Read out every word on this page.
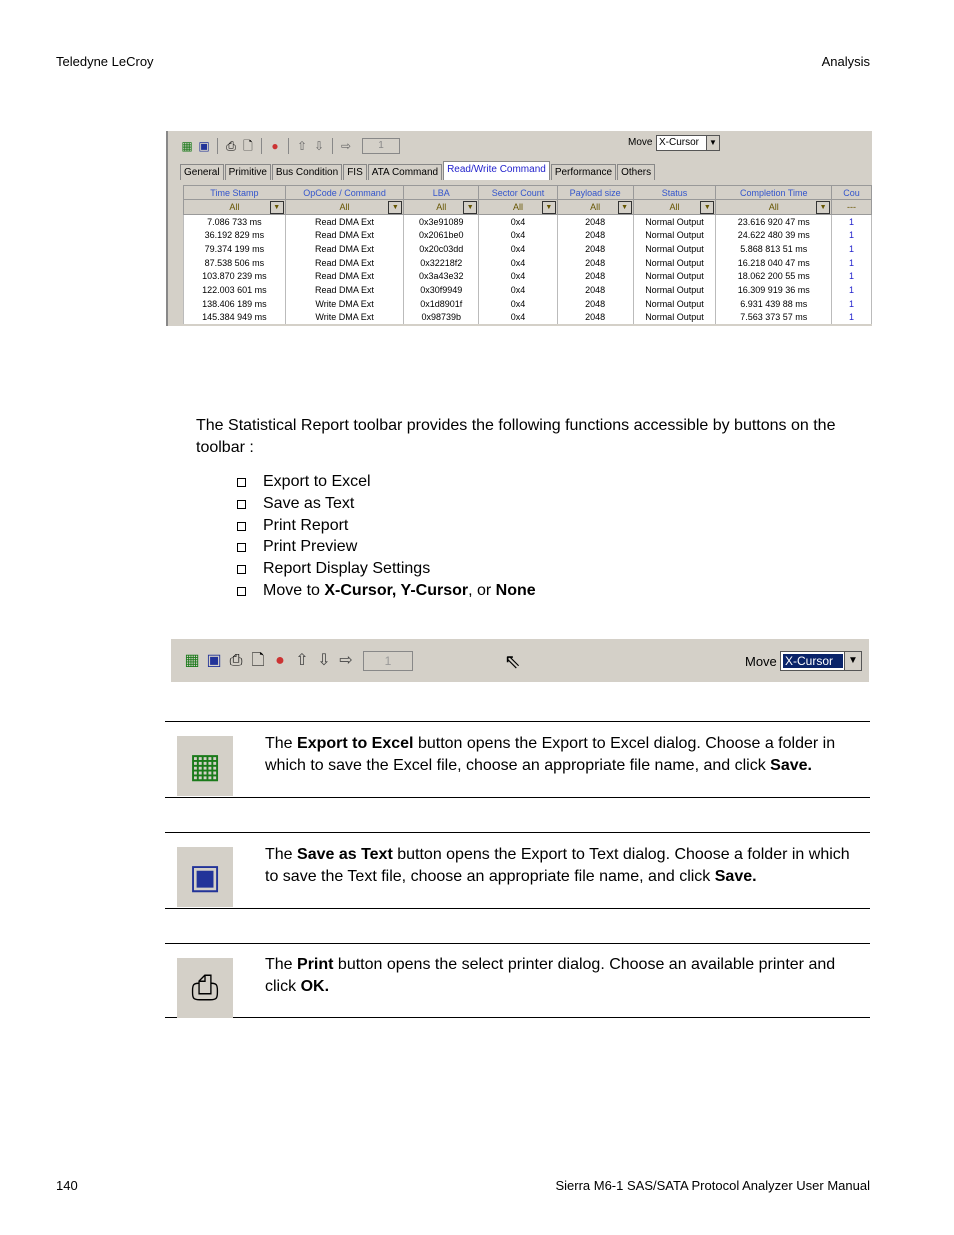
Teledyne LeCroy	Analysis
▦ ▣ ⎙ 🗋 ● ⇧ ⇩ ⇨	1	Move X-Cursor	▼
General Primitive Bus Condition FIS ATA Command Read/Write Command Performance Others
Time Stamp	OpCode / Command	LBA	Sector Count	Payload size	Status	Completion Time	Cou
All ▼	All ▼	All ▼	All ▼	All ▼	All ▼	All ▼	---
7.086 733 ms	Read DMA Ext	0x3e91089	0x4	2048	Normal Output	23.616 920 47 ms	1
36.192 829 ms	Read DMA Ext	0x2061be0	0x4	2048	Normal Output	24.622 480 39 ms	1
79.374 199 ms	Read DMA Ext	0x20c03dd	0x4	2048	Normal Output	5.868 813 51 ms	1
87.538 506 ms	Read DMA Ext	0x32218f2	0x4	2048	Normal Output	16.218 040 47 ms	1
103.870 239 ms	Read DMA Ext	0x3a43e32	0x4	2048	Normal Output	18.062 200 55 ms	1
122.003 601 ms	Read DMA Ext	0x30f9949	0x4	2048	Normal Output	16.309 919 36 ms	1
138.406 189 ms	Write DMA Ext	0x1d8901f	0x4	2048	Normal Output	6.931 439 88 ms	1
145.384 949 ms	Write DMA Ext	0x98739b	0x4	2048	Normal Output	7.563 373 57 ms	1
The Statistical Report toolbar provides the following functions accessible by buttons on the toolbar :
Export to Excel
Save as Text
Print Report
Print Preview
Report Display Settings
Move to X-Cursor, Y-Cursor, or None
▦ ▣ ⎙ 🗋 ● ⇧ ⇩ ⇨	1	⇖	Move X-Cursor	▼
▦
The Export to Excel button opens the Export to Excel dialog. Choose a folder in which to save the Excel file, choose an appropriate file name, and click Save.
▣
The Save as Text button opens the Export to Text dialog. Choose a folder in which to save the Text file, choose an appropriate file name, and click Save.
⎙
The Print button opens the select printer dialog. Choose an available printer and click OK.
140	Sierra M6-1 SAS/SATA Protocol Analyzer User Manual
